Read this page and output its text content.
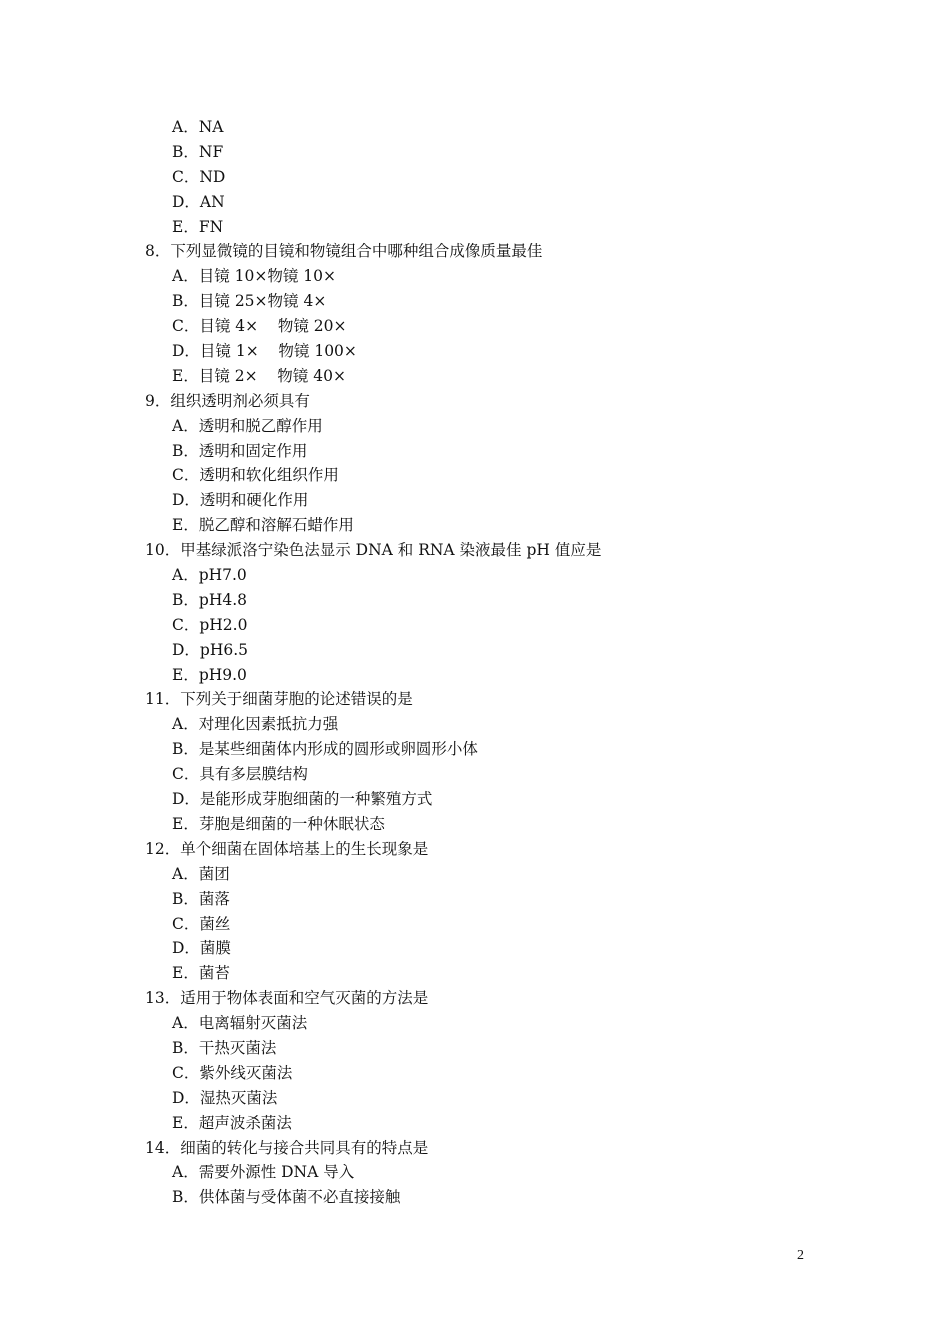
A．NA
B．NF
C．ND
D．AN
E．FN
8．下列显微镜的目镜和物镜组合中哪种组合成像质量最佳
A．目镜 10×物镜 10×
B．目镜 25×物镜 4×
C．目镜 4×    物镜 20×
D．目镜 1×    物镜 100×
E．目镜 2×    物镜 40×
9．组织透明剂必须具有
A．透明和脱乙醇作用
B．透明和固定作用
C．透明和软化组织作用
D．透明和硬化作用
E．脱乙醇和溶解石蜡作用
10．甲基绿派洛宁染色法显示 DNA 和 RNA 染液最佳 pH 值应是
A．pH7.0
B．pH4.8
C．pH2.0
D．pH6.5
E．pH9.0
11．下列关于细菌芽胞的论述错误的是
A．对理化因素抵抗力强
B．是某些细菌体内形成的圆形或卵圆形小体
C．具有多层膜结构
D．是能形成芽胞细菌的一种繁殖方式
E．芽胞是细菌的一种休眠状态
12．单个细菌在固体培基上的生长现象是
A．菌团
B．菌落
C．菌丝
D．菌膜
E．菌苔
13．适用于物体表面和空气灭菌的方法是
A．电离辐射灭菌法
B．干热灭菌法
C．紫外线灭菌法
D．湿热灭菌法
E．超声波杀菌法
14．细菌的转化与接合共同具有的特点是
A．需要外源性 DNA 导入
B．供体菌与受体菌不必直接接触
2
